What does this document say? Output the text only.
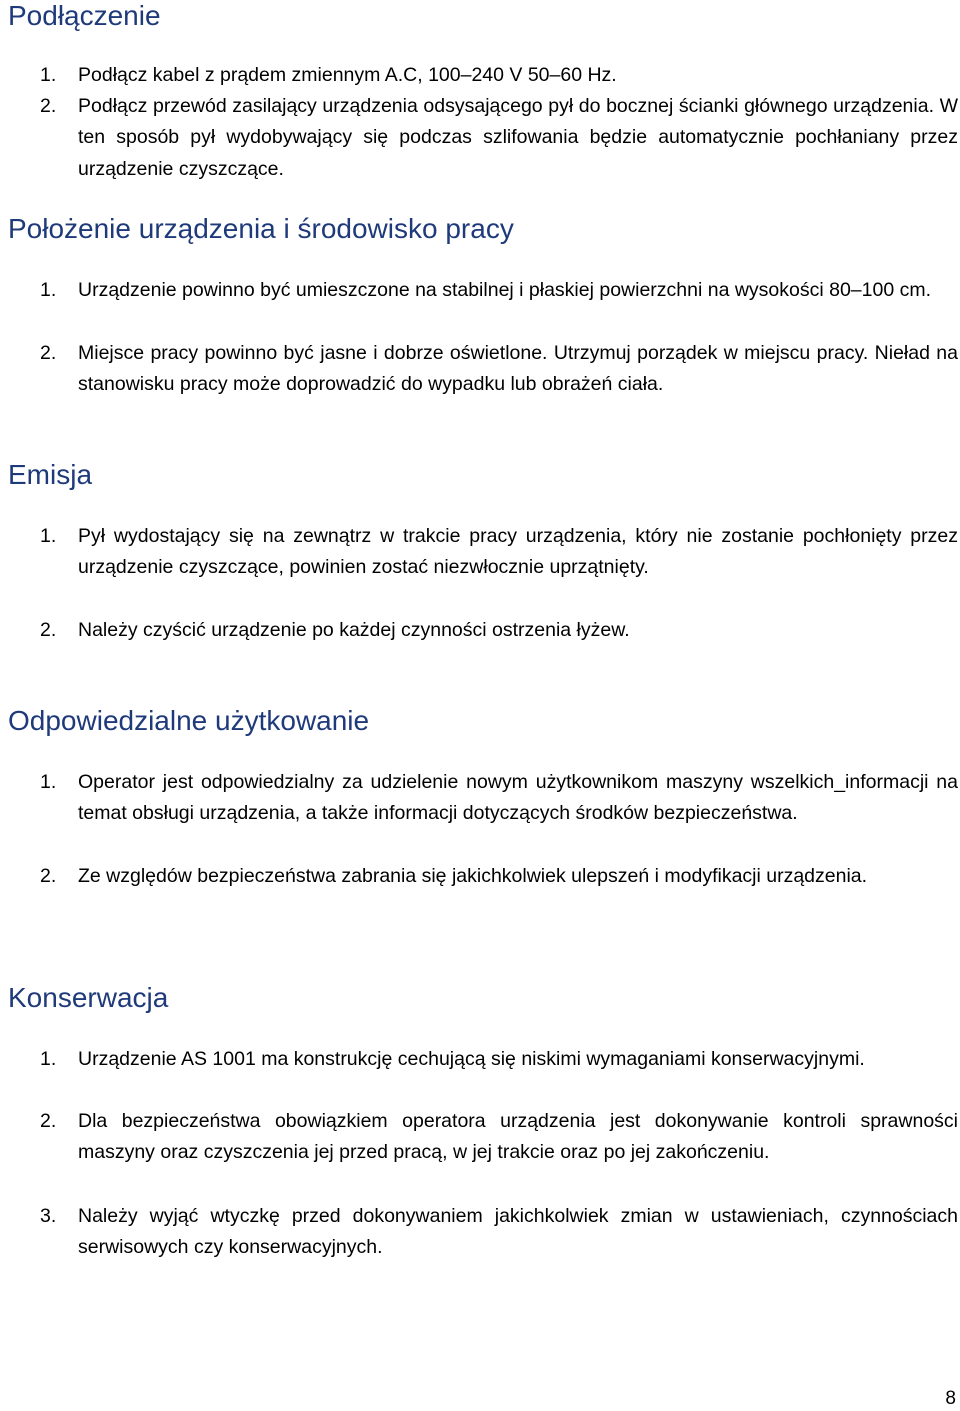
Podłączenie
1.	Podłącz kabel z prądem zmiennym A.C, 100–240 V 50–60 Hz.
2.	Podłącz przewód zasilający urządzenia odsysającego pył do bocznej ścianki głównego urządzenia. W ten sposób pył wydobywający się podczas szlifowania będzie automatycznie pochłaniany przez urządzenie czyszczące.
Położenie urządzenia i środowisko pracy
1.	Urządzenie powinno być umieszczone na stabilnej i płaskiej powierzchni na wysokości 80–100 cm.
2.	Miejsce pracy powinno być jasne i dobrze oświetlone. Utrzymuj porządek w miejscu pracy. Nieład na stanowisku pracy może doprowadzić do wypadku lub obrażeń ciała.
Emisja
1.	Pył wydostający się na zewnątrz w trakcie pracy urządzenia, który nie zostanie pochłonięty przez urządzenie czyszczące, powinien zostać niezwłocznie uprzątnięty.
2.	Należy czyścić urządzenie po każdej czynności ostrzenia łyżew.
Odpowiedzialne użytkowanie
1.	Operator jest odpowiedzialny za udzielenie nowym użytkownikom maszyny wszelkich_informacji na temat obsługi urządzenia, a także informacji dotyczących środków bezpieczeństwa.
2.	Ze względów bezpieczeństwa zabrania się jakichkolwiek ulepszeń i modyfikacji urządzenia.
Konserwacja
1.	Urządzenie AS 1001 ma konstrukcję cechującą się niskimi wymaganiami konserwacyjnymi.
2.	Dla bezpieczeństwa obowiązkiem operatora urządzenia jest dokonywanie kontroli sprawności maszyny oraz czyszczenia jej przed pracą, w jej trakcie oraz po jej zakończeniu.
3.	Należy wyjąć wtyczkę przed dokonywaniem jakichkolwiek zmian w ustawieniach, czynnościach serwisowych czy konserwacyjnych.
8
